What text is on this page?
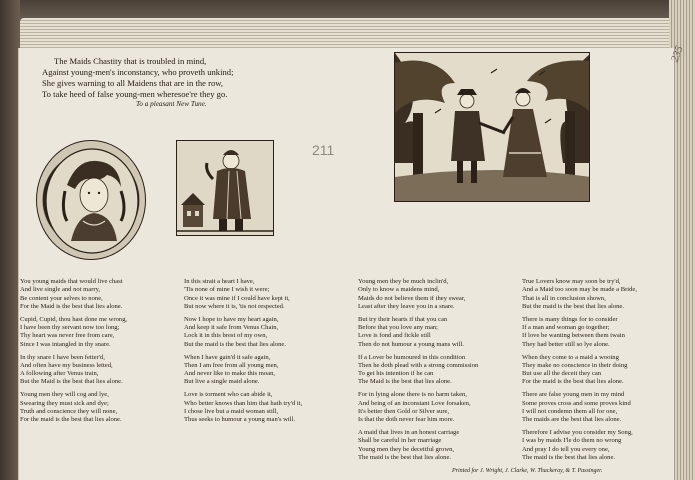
235
211
The Maids Chastity that is troubled in mind,
Against young-men's inconstancy, who proveth unkind;
She gives warning to all Maidens that are in the row,
To take heed of false young-men wheresoe're they go.
To a pleasant New Tune.
You young maids that would live chast
And live single and not marry,
Be content your selves to none,
For the Maid is the best that lies alone.
Cupid, Cupid, thou hast done me wrong,
I have been thy servant now too long;
Thy heart was never free from care,
Since I was intangled in thy snare.
In thy snare I have been fetter'd,
And often have my business letted,
A following after Venus train,
But the Maid is the best that lies alone.
Young men they will cog and lye,
Swearing they must sick and dye;
Truth and conscience they will none,
For the maid is the best that lies alone.
In this strait a heart I have,
'Tis none of mine I wish it were;
Once it was mine if I could have kept it,
But now where it is, 'tis not respected.
Now I hope to have my heart again,
And keep it safe from Venus Chain,
Lock it in this brest of my own,
But the maid is the best that lies alone.
When I have gain'd it safe again,
Then I am free from all young men,
And never like to make this moan,
But live a single maid alone.
Love is torment who can abide it,
Who better knows than him that hath try'd it,
I chose live but a maid woman still,
Thus seeks to humour a young man's will.
Young men they be much inclin'd,
Only to know a maidens mind,
Maids do not believe them if they swear,
Least after they leave you in a snare.
But try their hearts if that you can
Before that you love any man;
Love is fond and fickle still
Then do not humour a young mans will.
If a Lover be humoured in this condition
Then he doth plead with a strong commission
To get his intention if he can
The Maid is the best that lies alone.
For in lying alone there is no harm taken,
And being of an inconstant Love forsaken,
It's better then Gold or Silver sure,
Is that the doth never fear him more.
A maid that lives in an honest carriage
Shall be careful in her marriage
Young men they be deceitful grown,
The maid is the best that lies alone.
True Lovers know may soon be try'd,
And a Maid too soon may be made a Bride,
That is all in conclusion shown,
But the maid is the best that lies alone.
There is many things for to consider
If a man and woman go together;
If love be wanting between them twain
They had better still so lye alone.
When they come to a maid a wooing
They make no conscience in their doing
But use all the deceit they can
For the maid is the best that lies alone.
There are false young men in my mind
Some proves cross and some proves kind
I will not condemn them all for one,
The maids are the best that lies alone.
Therefore I advise you consider my Song,
I was by maids I'le do them no wrong
And pray I do tell you every one,
The maid is the best that lies alone.
Printed for J. Wright, J. Clarke, W. Thackeray, & T. Passinger.
